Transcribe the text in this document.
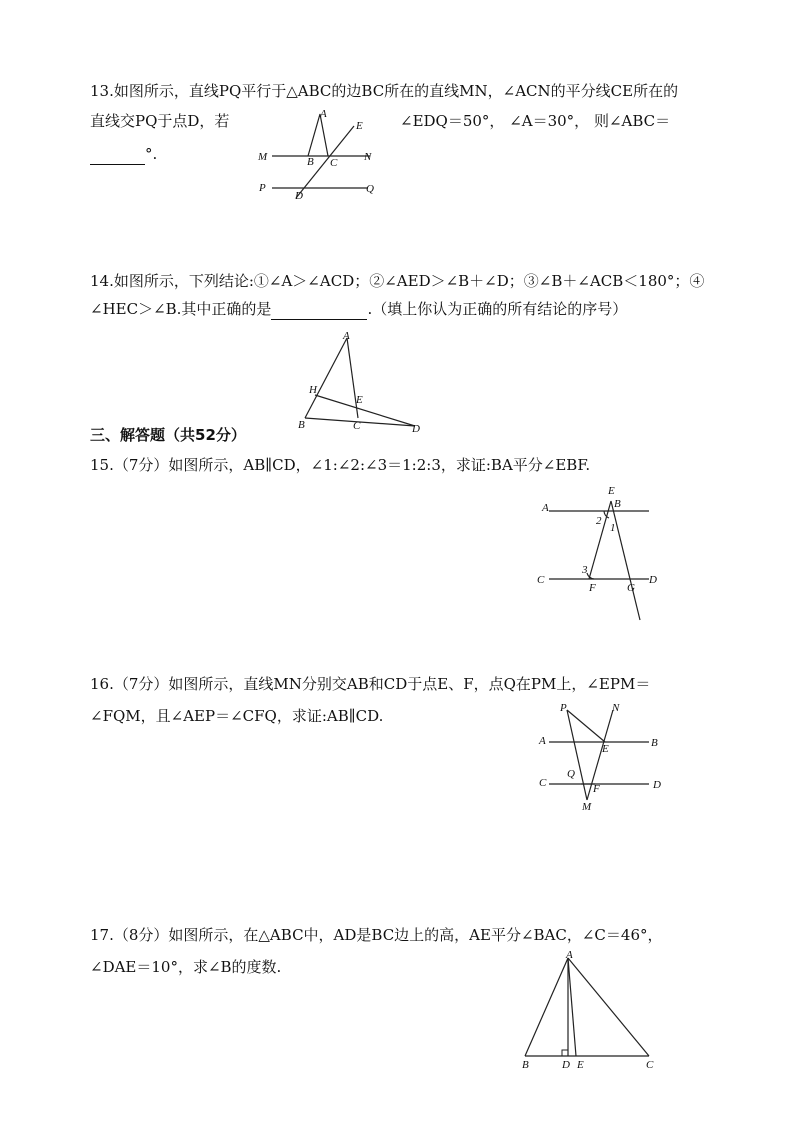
13.如图所示，直线PQ平行于△ABC的边BC所在的直线MN，∠ACN的平分线CE所在的
直线交PQ于点D，若	∠EDQ＝50°， ∠A＝30°， 则∠ABC＝
°.
A
B C
D
E
M	N
P	Q
14.如图所示，下列结论:①∠A＞∠ACD；②∠AED＞∠B＋∠D；③∠B＋∠ACB＜180°；④
∠HEC＞∠B.其中正确的是	.（填上你认为正确的所有结论的序号）
A
H
E
B	C	D
三、解答题（共52分）
15.（7分）如图所示，AB∥CD，∠1:∠2:∠3＝1:2:3，求证:BA平分∠EBF.
E
B
A
2
1
3
C
F	G
D
16.（7分）如图所示，直线MN分别交AB和CD于点E、F，点Q在PM上，∠EPM＝
∠FQM，且∠AEP＝∠CFQ，求证:AB∥CD.	P	N
A
E	B
C
Q
F	D
M
17.（8分）如图所示，在△ABC中，AD是BC边上的高，AE平分∠BAC，∠C＝46°，
∠DAE＝10°，求∠B的度数.
A
B	D E	C
